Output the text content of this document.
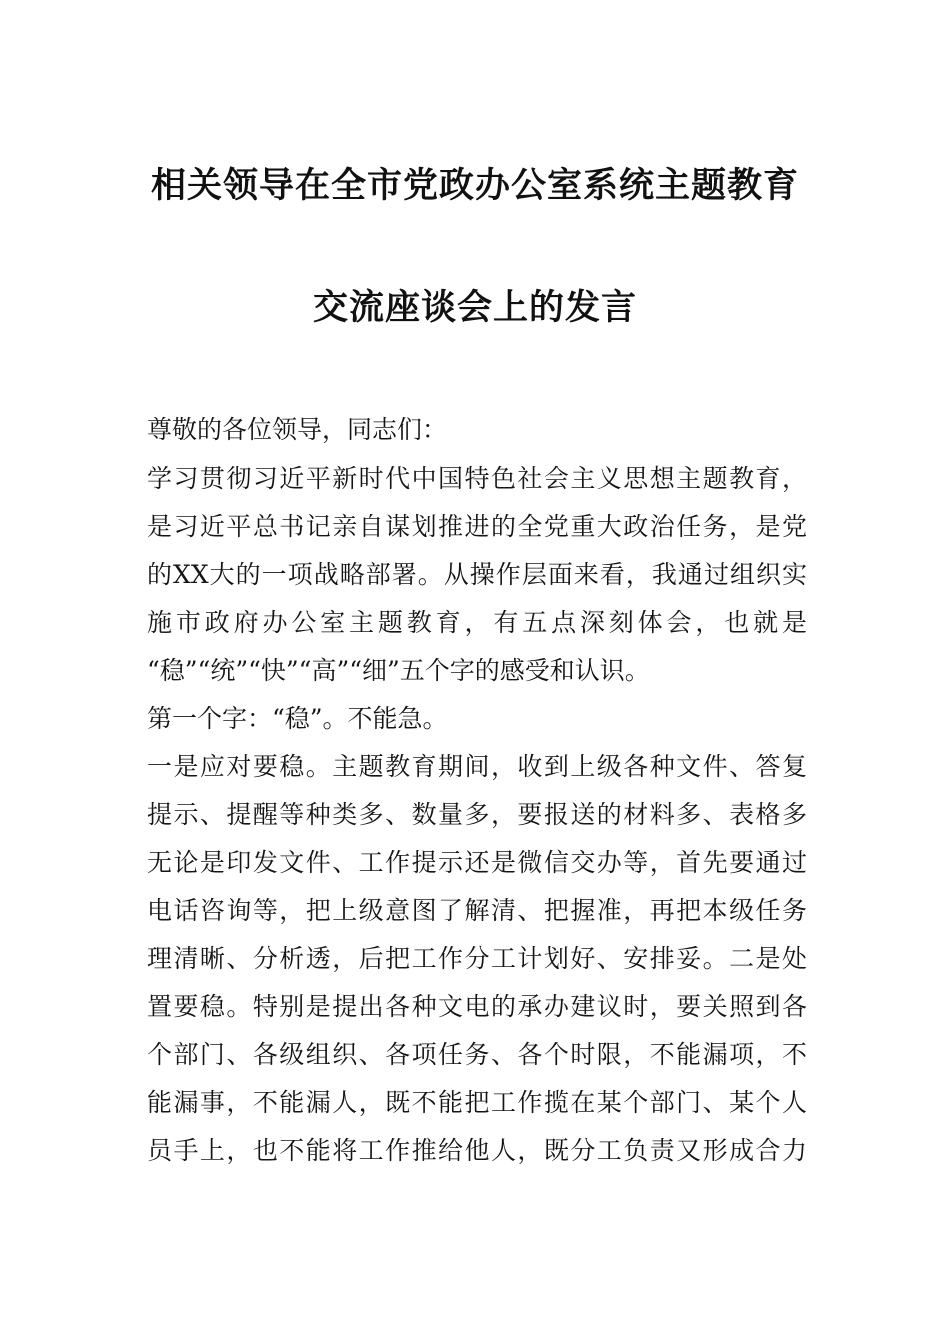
相关领导在全市党政办公室系统主题教育
交流座谈会上的发言
尊敬的各位领导，同志们：
学习贯彻习近平新时代中国特色社会主义思想主题教育，
是习近平总书记亲自谋划推进的全党重大政治任务，是党
的XX大的一项战略部署。从操作层面来看，我通过组织实
施市政府办公室主题教育，有五点深刻体会，也就是
“稳”“统”“快”“高”“细”五个字的感受和认识。
第一个字：“稳”。不能急。
一是应对要稳。主题教育期间，收到上级各种文件、答复
提示、提醒等种类多、数量多，要报送的材料多、表格多
无论是印发文件、工作提示还是微信交办等，首先要通过
电话咨询等，把上级意图了解清、把握准，再把本级任务
理清晰、分析透，后把工作分工计划好、安排妥。二是处
置要稳。特别是提出各种文电的承办建议时，要关照到各
个部门、各级组织、各项任务、各个时限，不能漏项，不
能漏事，不能漏人，既不能把工作揽在某个部门、某个人
员手上，也不能将工作推给他人，既分工负责又形成合力
